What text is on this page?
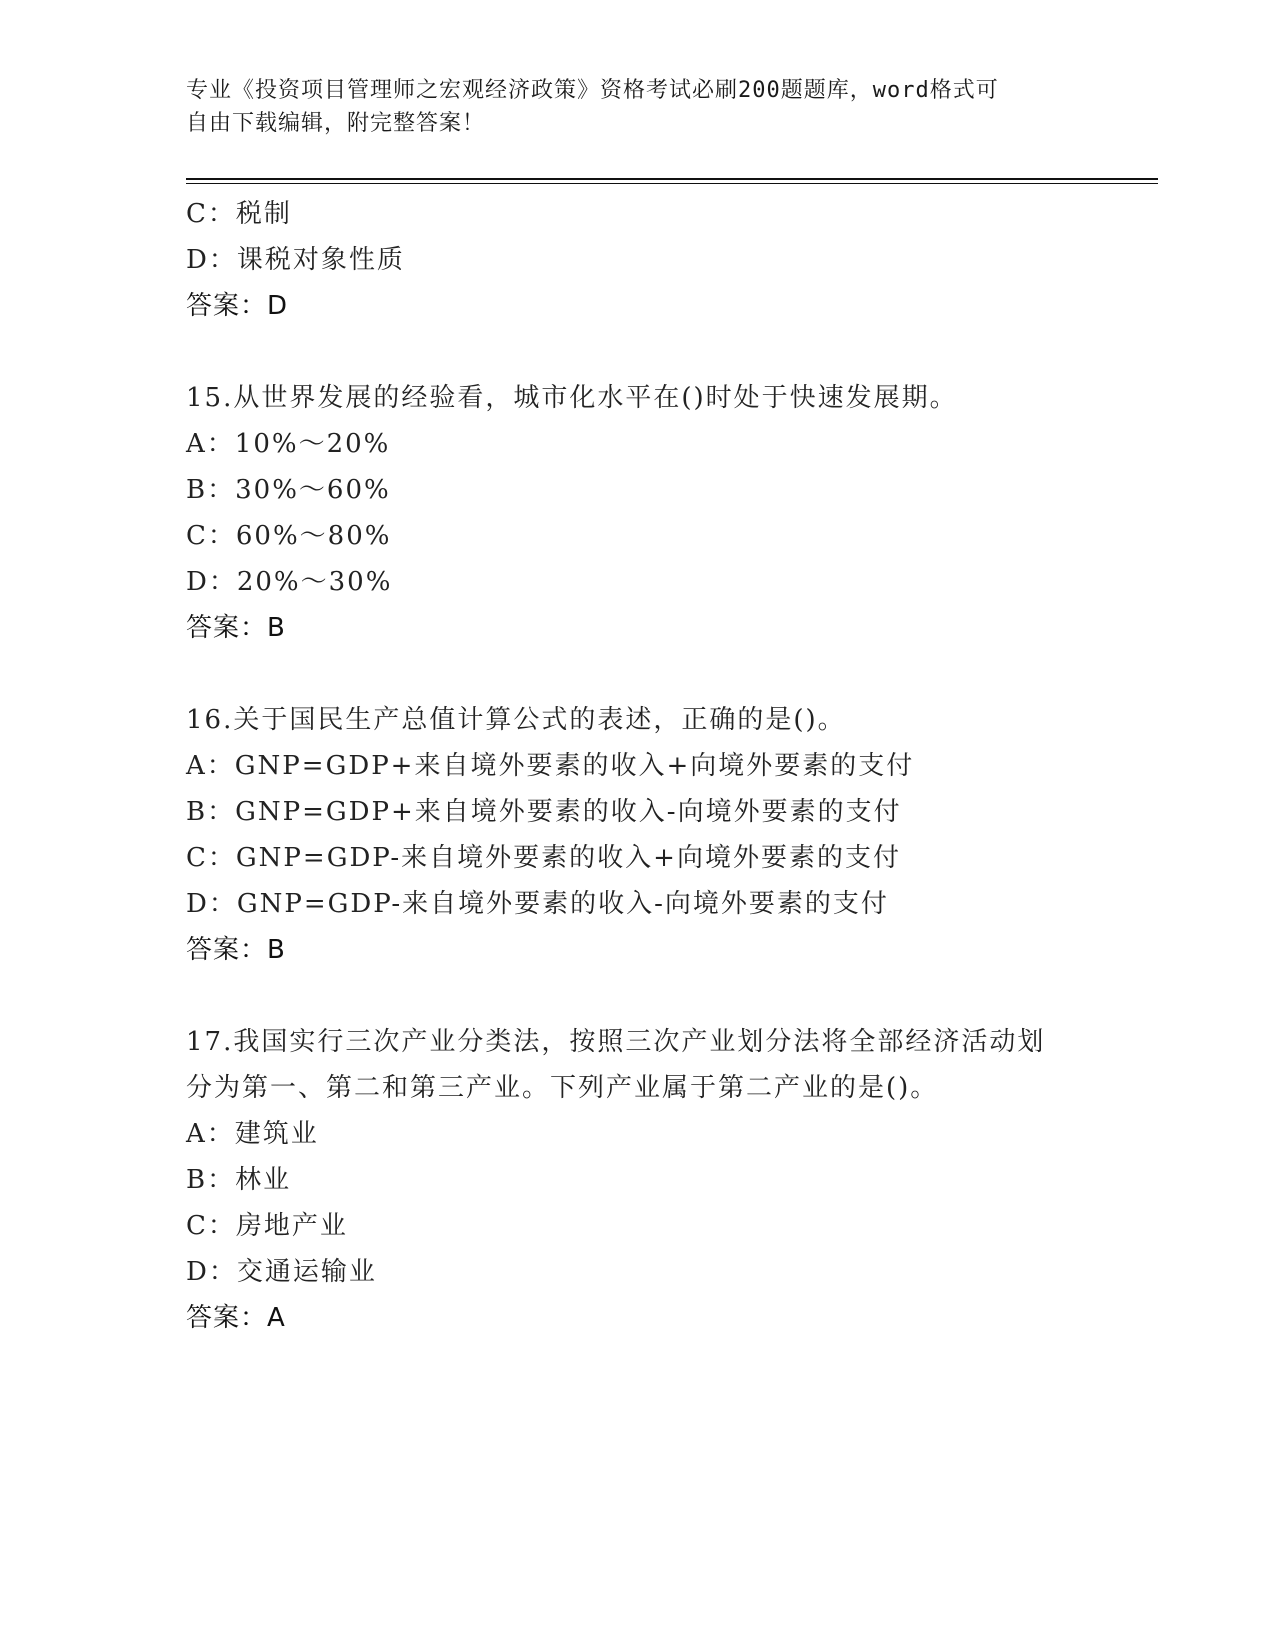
专业《投资项目管理师之宏观经济政策》资格考试必刷200题题库，word格式可
自由下载编辑，附完整答案！
C：税制
D：课税对象性质
答案：D
15.从世界发展的经验看，城市化水平在()时处于快速发展期。
A：10%～20%
B：30%～60%
C：60%～80%
D：20%～30%
答案：B
16.关于国民生产总值计算公式的表述，正确的是()。
A：GNP=GDP+来自境外要素的收入+向境外要素的支付
B：GNP=GDP+来自境外要素的收入-向境外要素的支付
C：GNP=GDP-来自境外要素的收入+向境外要素的支付
D：GNP=GDP-来自境外要素的收入-向境外要素的支付
答案：B
17.我国实行三次产业分类法，按照三次产业划分法将全部经济活动划
分为第一、第二和第三产业。下列产业属于第二产业的是()。
A：建筑业
B：林业
C：房地产业
D：交通运输业
答案：A
